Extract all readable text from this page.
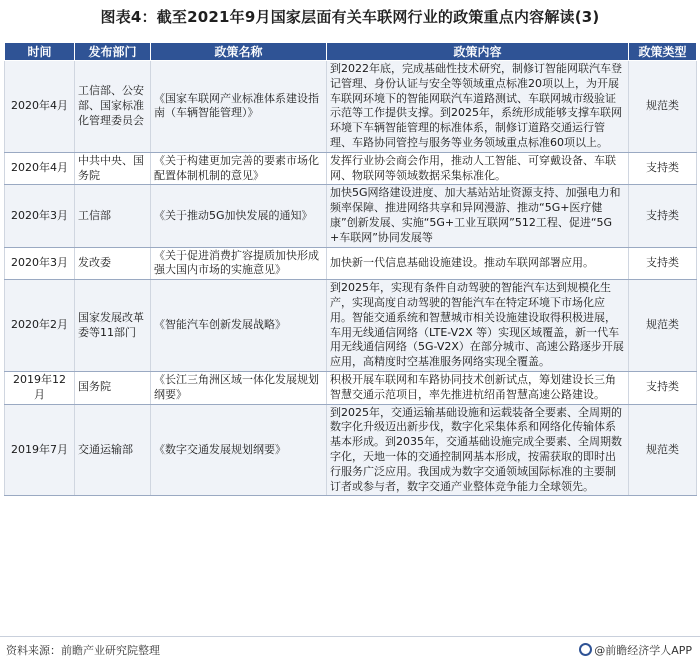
图表4：截至2021年9月国家层面有关车联网行业的政策重点内容解读(3)
时间	发布部门	政策名称	政策内容	政策类型
2020年4月	工信部、公安部、国家标准化管理委员会	《国家车联网产业标准体系建设指南（车辆智能管理）》	到2022年底，完成基础性技术研究，制修订智能网联汽车登记管理、身份认证与安全等领域重点标准20项以上，为开展车联网环境下的智能网联汽车道路测试、车联网城市级验证示范等工作提供支撑。到2025年，系统形成能够支撑车联网环境下车辆智能管理的标准体系，制修订道路交通运行管理、车路协同管控与服务等业务领域重点标准60项以上。	规范类
2020年4月	中共中央、国务院	《关于构建更加完善的要素市场化配置体制机制的意见》	发挥行业协会商会作用，推动人工智能、可穿戴设备、车联网、物联网等领域数据采集标准化。	支持类
2020年3月	工信部	《关于推动5G加快发展的通知》	加快5G网络建设进度、加大基站站址资源支持、加强电力和频率保障、推进网络共享和异网漫游、推动“5G+医疗健康”创新发展、实施“5G+工业互联网”512工程、促进“5G+车联网”协同发展等	支持类
2020年3月	发改委	《关于促进消费扩容提质加快形成强大国内市场的实施意见》	加快新一代信息基础设施建设。推动车联网部署应用。	支持类
2020年2月	国家发展改革委等11部门	《智能汽车创新发展战略》	到2025年，实现有条件自动驾驶的智能汽车达到规模化生产，实现高度自动驾驶的智能汽车在特定环境下市场化应用。智能交通系统和智慧城市相关设施建设取得积极进展，车用无线通信网络（LTE-V2X 等）实现区域覆盖，新一代车用无线通信网络（5G-V2X）在部分城市、高速公路逐步开展应用，高精度时空基准服务网络实现全覆盖。	规范类
2019年12月	国务院	《长江三角洲区域一体化发展规划纲要》	积极开展车联网和车路协同技术创新试点，筹划建设长三角智慧交通示范项目，率先推进杭绍甬智慧高速公路建设。	支持类
2019年7月	交通运输部	《数字交通发展规划纲要》	到2025年，交通运输基础设施和运载装备全要素、全周期的数字化升级迈出新步伐，数字化采集体系和网络化传输体系基本形成。到2035年，交通基础设施完成全要素、全周期数字化，天地一体的交通控制网基本形成，按需获取的即时出行服务广泛应用。我国成为数字交通领域国际标准的主要制订者或参与者，数字交通产业整体竞争能力全球领先。	规范类
资料来源：前瞻产业研究院整理	@前瞻经济学人APP
